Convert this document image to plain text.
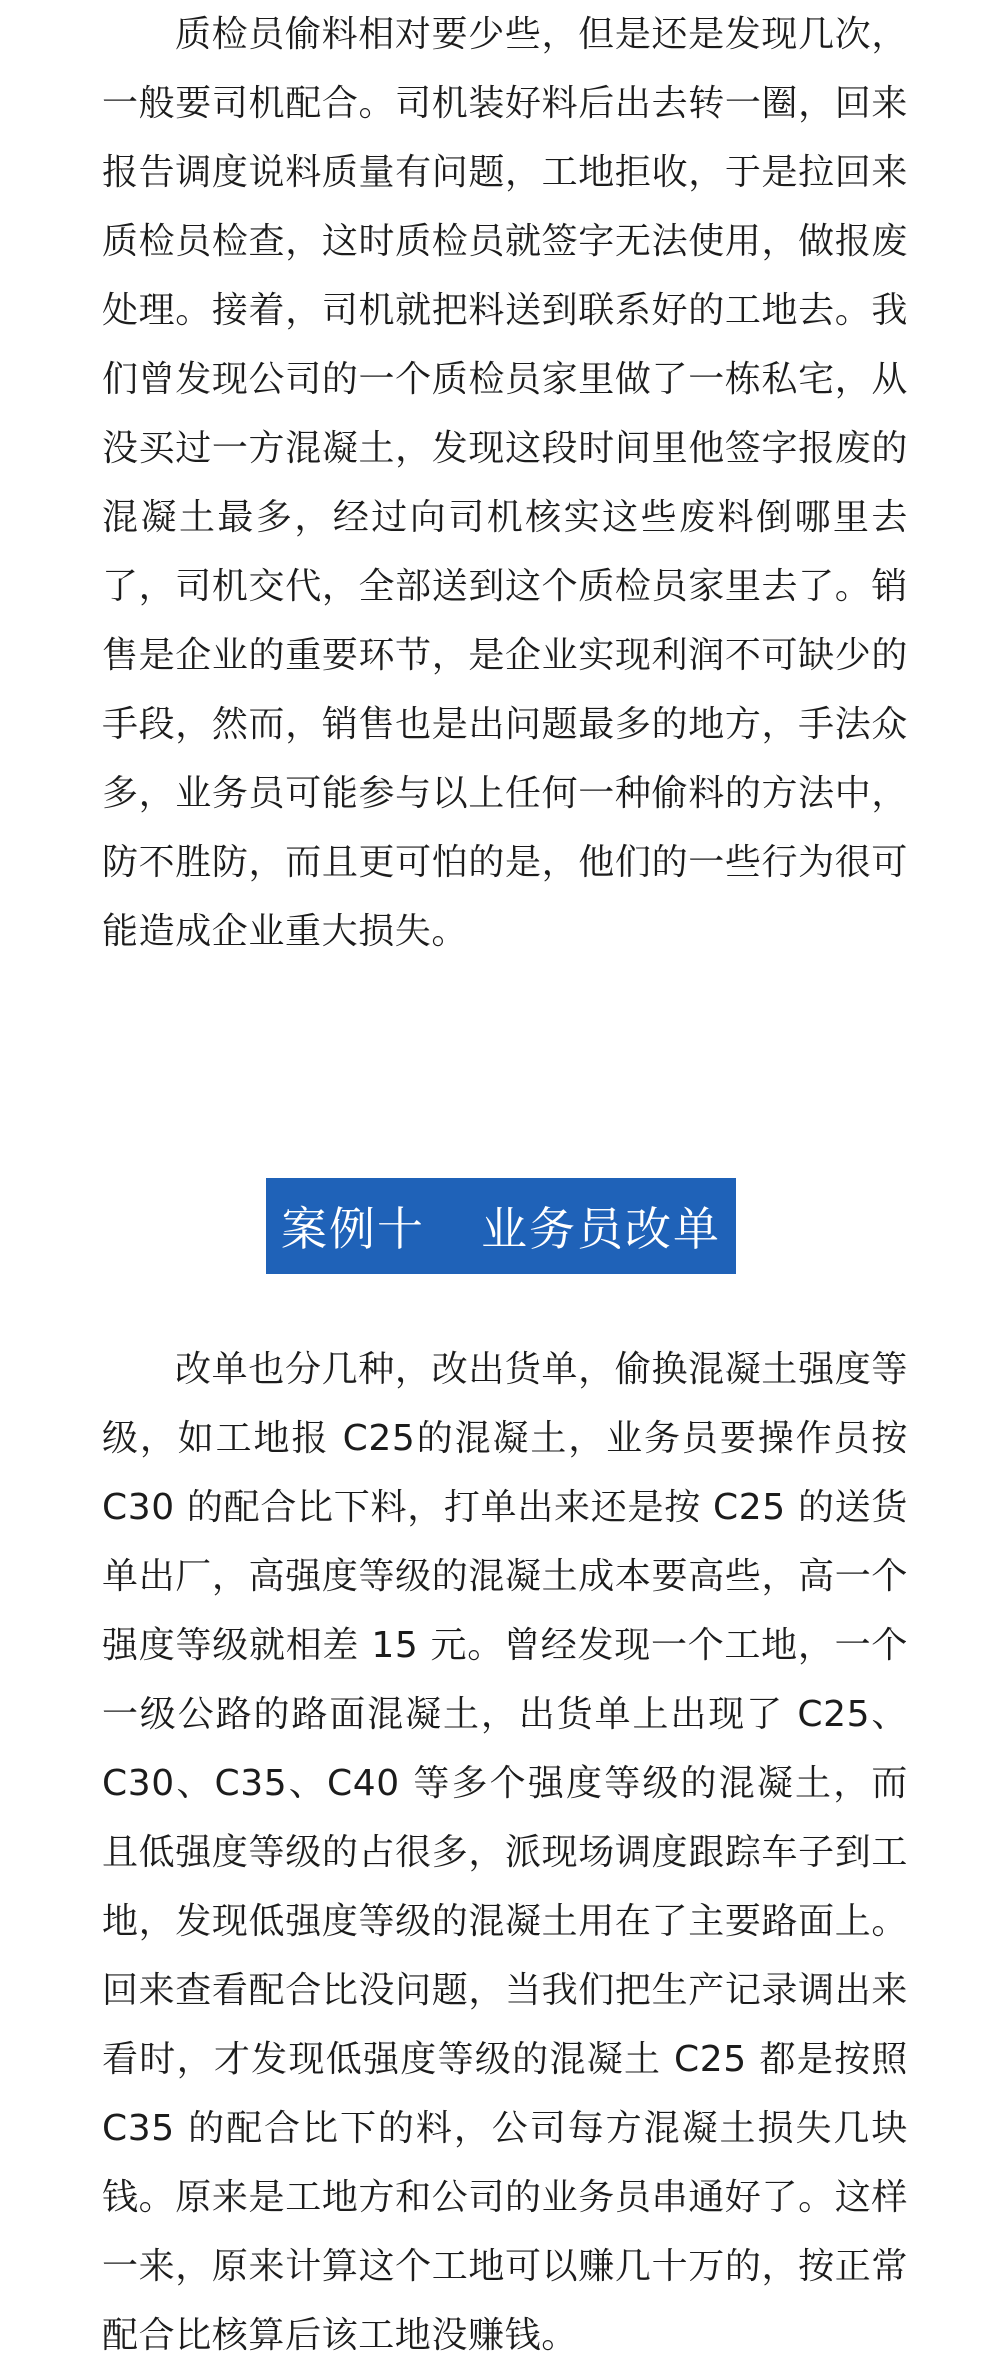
质检员偷料相对要少些，但是还是发现几次，一般要司机配合。司机装好料后出去转一圈，回来报告调度说料质量有问题，工地拒收，于是拉回来质检员检查，这时质检员就签字无法使用，做报废处理。接着，司机就把料送到联系好的工地去。我们曾发现公司的一个质检员家里做了一栋私宅，从没买过一方混凝土，发现这段时间里他签字报废的混凝土最多，经过向司机核实这些废料倒哪里去了，司机交代，全部送到这个质检员家里去了。销售是企业的重要环节，是企业实现利润不可缺少的手段，然而，销售也是出问题最多的地方，手法众多，业务员可能参与以上任何一种偷料的方法中，防不胜防，而且更可怕的是，他们的一些行为很可能造成企业重大损失。

案例十 业务员改单

改单也分几种，改出货单，偷换混凝土强度等级，如工地报 C25的混凝土，业务员要操作员按C30 的配合比下料，打单出来还是按 C25 的送货单出厂，高强度等级的混凝土成本要高些，高一个强度等级就相差 15 元。曾经发现一个工地，一个一级公路的路面混凝土，出货单上出现了 C25、C30、C35、C40 等多个强度等级的混凝土，而且低强度等级的占很多，派现场调度跟踪车子到工地，发现低强度等级的混凝土用在了主要路面上。回来查看配合比没问题，当我们把生产记录调出来看时，才发现低强度等级的混凝土 C25 都是按照 C35 的配合比下的料，公司每方混凝土损失几块钱。原来是工地方和公司的业务员串通好了。这样一来，原来计算这个工地可以赚几十万的，按正常配合比核算后该工地没赚钱。
